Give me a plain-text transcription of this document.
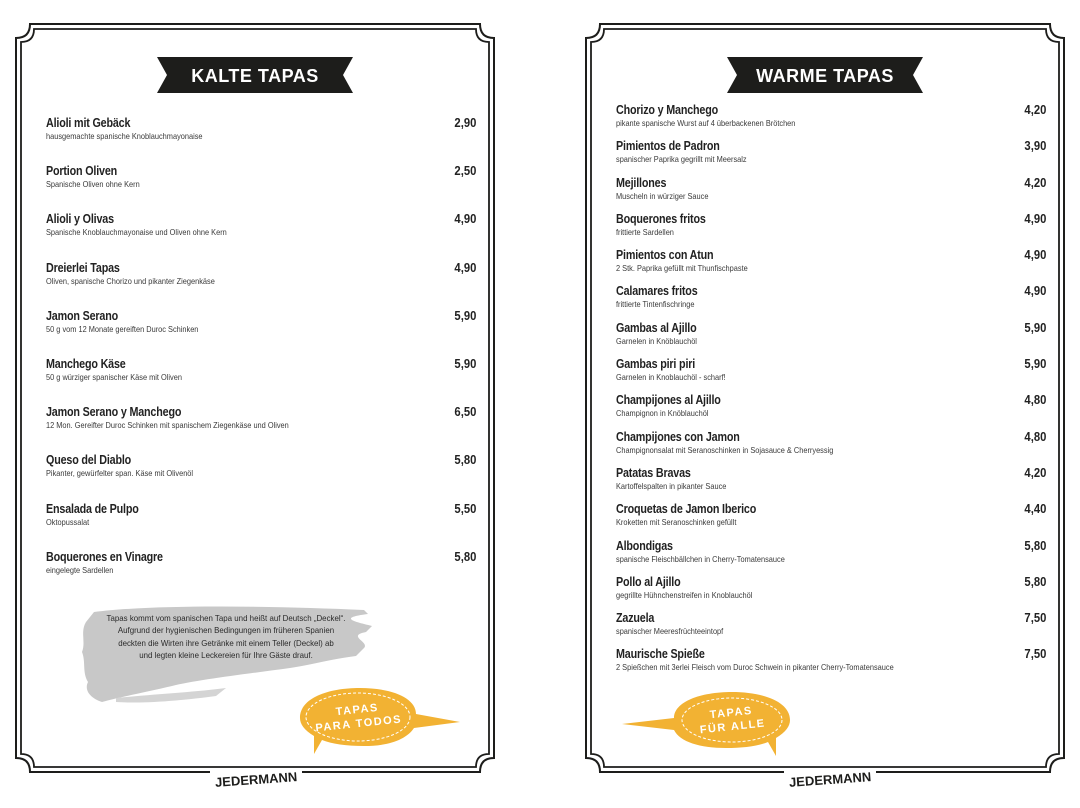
KALTE TAPAS
Alioli mit Gebäck
hausgemachte spanische Knoblauchmayonaise
2,90
Portion Oliven
Spanische Oliven ohne Kern
2,50
Alioli y Olivas
Spanische Knoblauchmayonaise und Oliven ohne Kern
4,90
Dreierlei Tapas
Oliven, spanische Chorizo und pikanter Ziegenkäse
4,90
Jamon Serano
50 g vom 12 Monate gereiften Duroc Schinken
5,90
Manchego Käse
50 g würziger spanischer Käse mit Oliven
5,90
Jamon Serano y Manchego
12 Mon. Gereifter Duroc Schinken mit spanischem Ziegenkäse und Oliven
6,50
Queso del Diablo
Pikanter, gewürfelter span. Käse mit Olivenöl
5,80
Ensalada de Pulpo
Oktopussalat
5,50
Boquerones en Vinagre
eingelegte Sardellen
5,80
Tapas kommt vom spanischen Tapa und heißt auf Deutsch „Deckel“.
Aufgrund der hygienischen Bedingungen im früheren Spanien
deckten die Wirten ihre Getränke mit einem Teller (Deckel) ab
und legten kleine Leckereien für Ihre Gäste drauf.
TAPAS
PARA TODOS
JEDERMANN
WARME TAPAS
Chorizo y Manchego
pikante spanische Wurst auf 4 überbackenen Brötchen
4,20
Pimientos de Padron
spanischer Paprika gegrillt mit Meersalz
3,90
Mejillones
Muscheln in würziger Sauce
4,20
Boquerones fritos
frittierte Sardellen
4,90
Pimientos con Atun
2 Stk. Paprika gefüllt mit Thunfischpaste
4,90
Calamares fritos
frittierte Tintenfischringe
4,90
Gambas al Ajillo
Garnelen in Knöblauchöl
5,90
Gambas piri piri
Garnelen in Knoblauchöl - scharf!
5,90
Champijones al Ajillo
Champignon in Knöblauchöl
4,80
Champijones con Jamon
Champignonsalat mit Seranoschinken in Sojasauce & Cherryessig
4,80
Patatas Bravas
Kartoffelspalten in pikanter Sauce
4,20
Croquetas de Jamon Iberico
Kroketten mit Seranoschinken gefüllt
4,40
Albondigas
spanische Fleischbällchen in Cherry-Tomatensauce
5,80
Pollo al Ajillo
gegrillte Hühnchenstreifen in Knoblauchöl
5,80
Zazuela
spanischer Meeresfrüchteeintopf
7,50
Maurische Spieße
2 Spießchen mit 3erlei Fleisch vom Duroc Schwein in pikanter Cherry-Tomatensauce
7,50
TAPAS
FÜR ALLE
JEDERMANN
